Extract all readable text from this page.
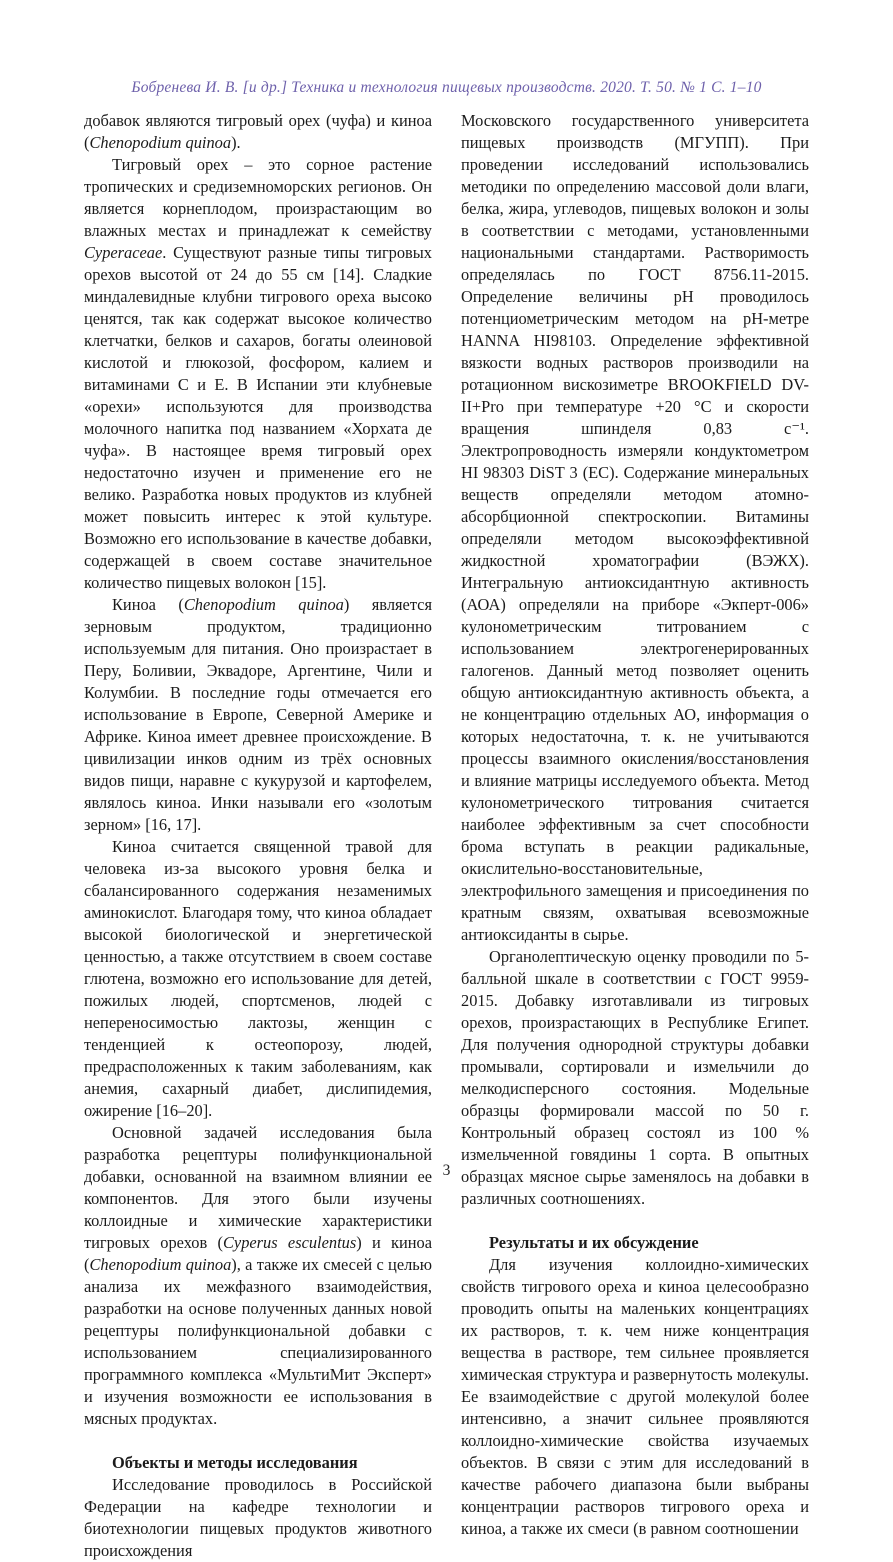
Бобренева И. В. [и др.] Техника и технология пищевых производств. 2020. Т. 50. № 1 С. 1–10

добавок являются тигровый орех (чуфа) и киноа (Chenopodium quinoa).

Тигровый орех – это сорное растение тропических и средиземноморских регионов. Он является корнеплодом, произрастающим во влажных местах и принадлежат к семейству Cyperaceae. Существуют разные типы тигровых орехов высотой от 24 до 55 см [14]. Сладкие миндалевидные клубни тигрового ореха высоко ценятся, так как содержат высокое количество клетчатки, белков и сахаров, богаты олеиновой кислотой и глюкозой, фосфором, калием и витаминами С и Е. В Испании эти клубневые «орехи» используются для производства молочного напитка под названием «Хорхата де чуфа». В настоящее время тигровый орех недостаточно изучен и применение его не велико. Разработка новых продуктов из клубней может повысить интерес к этой культуре. Возможно его использование в качестве добавки, содержащей в своем составе значительное количество пищевых волокон [15].

Киноа (Chenopodium quinoa) является зерновым продуктом, традиционно используемым для питания. Оно произрастает в Перу, Боливии, Эквадоре, Аргентине, Чили и Колумбии. В последние годы отмечается его использование в Европе, Северной Америке и Африке. Киноа имеет древнее происхождение. В цивилизации инков одним из трёх основных видов пищи, наравне с кукурузой и картофелем, являлось киноа. Инки называли его «золотым зерном» [16, 17].

Киноа считается священной травой для человека из-за высокого уровня белка и сбалансированного содержания незаменимых аминокислот. Благодаря тому, что киноа обладает высокой биологической и энергетической ценностью, а также отсутствием в своем составе глютена, возможно его использование для детей, пожилых людей, спортсменов, людей с непереносимостью лактозы, женщин с тенденцией к остеопорозу, людей, предрасположенных к таким заболеваниям, как анемия, сахарный диабет, дислипидемия, ожирение [16–20].

Основной задачей исследования была разработка рецептуры полифункциональной добавки, основанной на взаимном влиянии ее компонентов. Для этого были изучены коллоидные и химические характеристики тигровых орехов (Cyperus esculentus) и киноа (Chenopodium quinoa), а также их смесей с целью анализа их межфазного взаимодействия, разработки на основе полученных данных новой рецептуры полифункциональной добавки с использованием специализированного программного комплекса «МультиМит Эксперт» и изучения возможности ее использования в мясных продуктах.

Объекты и методы исследования

Исследование проводилось в Российской Федерации на кафедре технологии и биотехнологии пищевых продуктов животного происхождения

Московского государственного университета пищевых производств (МГУПП). При проведении исследований использовались методики по определению массовой доли влаги, белка, жира, углеводов, пищевых волокон и золы в соответствии с методами, установленными национальными стандартами. Растворимость определялась по ГОСТ 8756.11-2015. Определение величины рН проводилось потенциометрическим методом на рН-метре HANNA HI98103. Определение эффективной вязкости водных растворов производили на ротационном вискозиметре BROOKFIELD DV-II+Pro при температуре +20 °С и скорости вращения шпинделя 0,83 с⁻¹. Электропроводность измеряли кондуктометром HI 98303 DiST 3 (ЕС). Содержание минеральных веществ определяли методом атомно-абсорбционной спектроскопии. Витамины определяли методом высокоэффективной жидкостной хроматографии (ВЭЖХ). Интегральную антиоксидантную активность (АОА) определяли на приборе «Экперт-006» кулонометрическим титрованием с использованием электрогенерированных галогенов. Данный метод позволяет оценить общую антиоксидантную активность объекта, а не концентрацию отдельных АО, информация о которых недостаточна, т. к. не учитываются процессы взаимного окисления/восстановления и влияние матрицы исследуемого объекта. Метод кулонометрического титрования считается наиболее эффективным за счет способности брома вступать в реакции радикальные, окислительно-восстановительные, электрофильного замещения и присоединения по кратным связям, охватывая всевозможные антиоксиданты в сырье.

Органолептическую оценку проводили по 5-балльной шкале в соответствии с ГОСТ 9959-2015. Добавку изготавливали из тигровых орехов, произрастающих в Республике Египет. Для получения однородной структуры добавки промывали, сортировали и измельчили до мелкодисперсного состояния. Модельные образцы формировали массой по 50 г. Контрольный образец состоял из 100 % измельченной говядины 1 сорта. В опытных образцах мясное сырье заменялось на добавки в различных соотношениях.

Результаты и их обсуждение

Для изучения коллоидно-химических свойств тигрового ореха и киноа целесообразно проводить опыты на маленьких концентрациях их растворов, т. к. чем ниже концентрация вещества в растворе, тем сильнее проявляется химическая структура и развернутость молекулы. Ее взаимодействие с другой молекулой более интенсивно, а значит сильнее проявляются коллоидно-химические свойства изучаемых объектов. В связи с этим для исследований в качестве рабочего диапазона были выбраны концентрации растворов тигрового ореха и киноа, а также их смеси (в равном соотношении

3
